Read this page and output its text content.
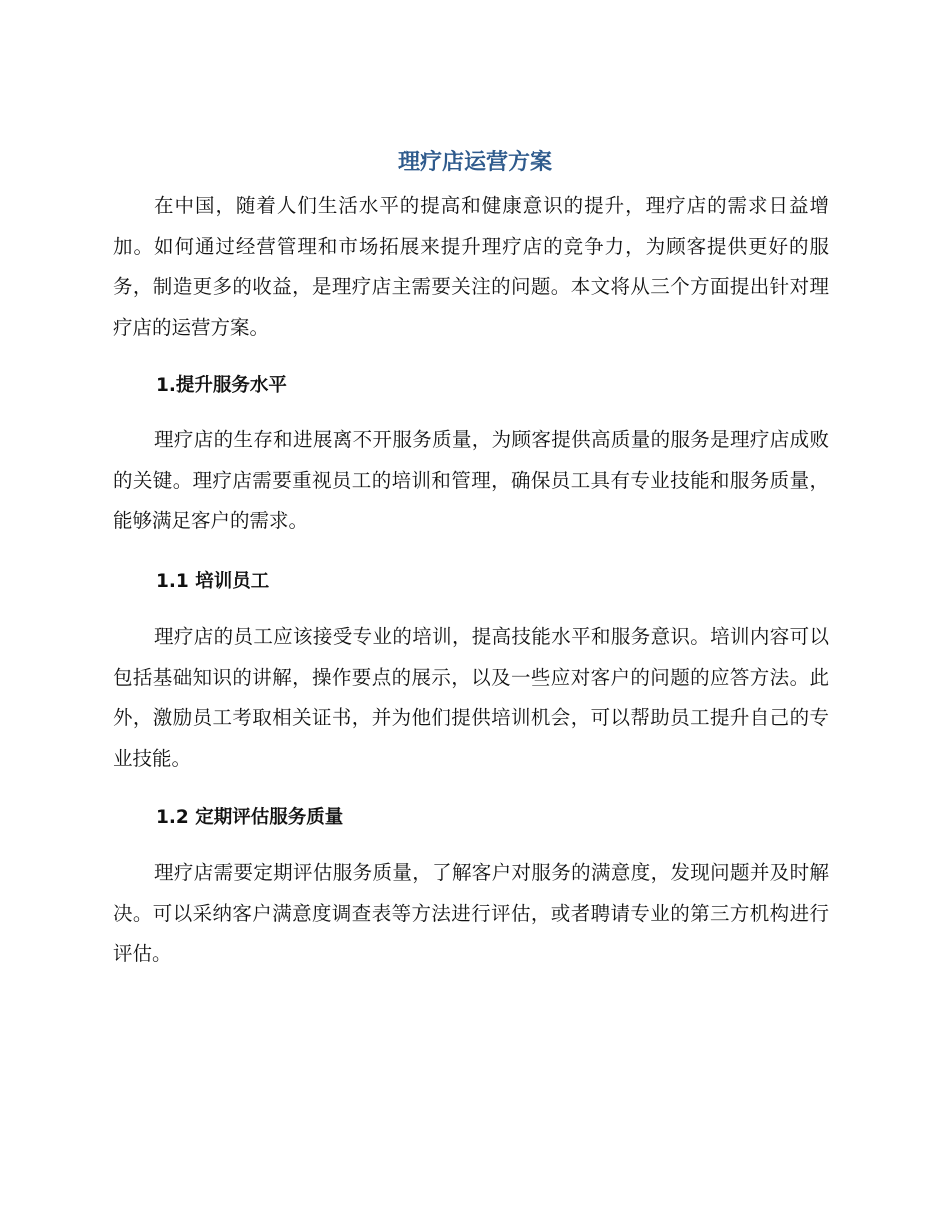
理疗店运营方案

在中国，随着人们生活水平的提高和健康意识的提升，理疗店的需求日益增加。如何通过经营管理和市场拓展来提升理疗店的竞争力，为顾客提供更好的服务，制造更多的收益，是理疗店主需要关注的问题。本文将从三个方面提出针对理疗店的运营方案。

1.提升服务水平

理疗店的生存和进展离不开服务质量，为顾客提供高质量的服务是理疗店成败的关键。理疗店需要重视员工的培训和管理，确保员工具有专业技能和服务质量，能够满足客户的需求。

1.1 培训员工

理疗店的员工应该接受专业的培训，提高技能水平和服务意识。培训内容可以包括基础知识的讲解，操作要点的展示，以及一些应对客户的问题的应答方法。此外，激励员工考取相关证书，并为他们提供培训机会，可以帮助员工提升自己的专业技能。

1.2 定期评估服务质量

理疗店需要定期评估服务质量，了解客户对服务的满意度，发现问题并及时解决。可以采纳客户满意度调查表等方法进行评估，或者聘请专业的第三方机构进行评估。
